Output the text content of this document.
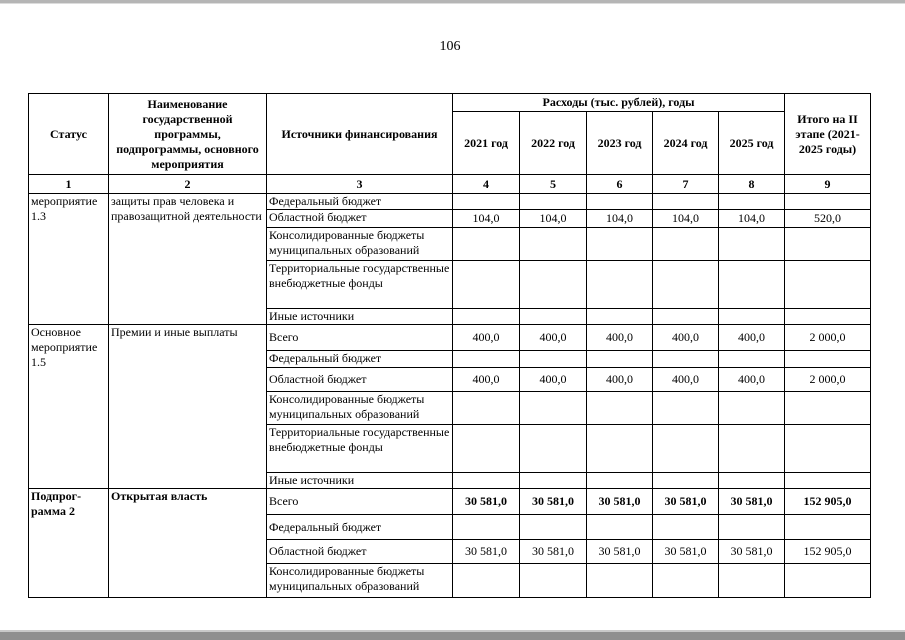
106
Статус	Наименование государственной программы, подпрограммы, основного мероприятия	Источники финансирования	Расходы (тыс. рублей), годы					Итого на II этапе (2021-2025 годы)
			2021 год	2022 год	2023 год	2024 год	2025 год	
1	2	3	4	5	6	7	8	9
мероприятие 1.3	защиты прав человека и правозащитной деятельности	Федеральный бюджет						
		Областной бюджет	104,0	104,0	104,0	104,0	104,0	520,0
		Консолидированные бюджеты муниципальных образований						
		Территориальные государственные внебюджетные фонды						
		Иные источники						
Основное мероприятие 1.5	Премии и иные выплаты	Всего	400,0	400,0	400,0	400,0	400,0	2 000,0
		Федеральный бюджет						
		Областной бюджет	400,0	400,0	400,0	400,0	400,0	2 000,0
		Консолидированные бюджеты муниципальных образований						
		Территориальные государственные внебюджетные фонды						
		Иные источники						
Подпрог-рамма 2	Открытая власть	Всего	30 581,0	30 581,0	30 581,0	30 581,0	30 581,0	152 905,0
		Федеральный бюджет						
		Областной бюджет	30 581,0	30 581,0	30 581,0	30 581,0	30 581,0	152 905,0
		Консолидированные бюджеты муниципальных образований						
